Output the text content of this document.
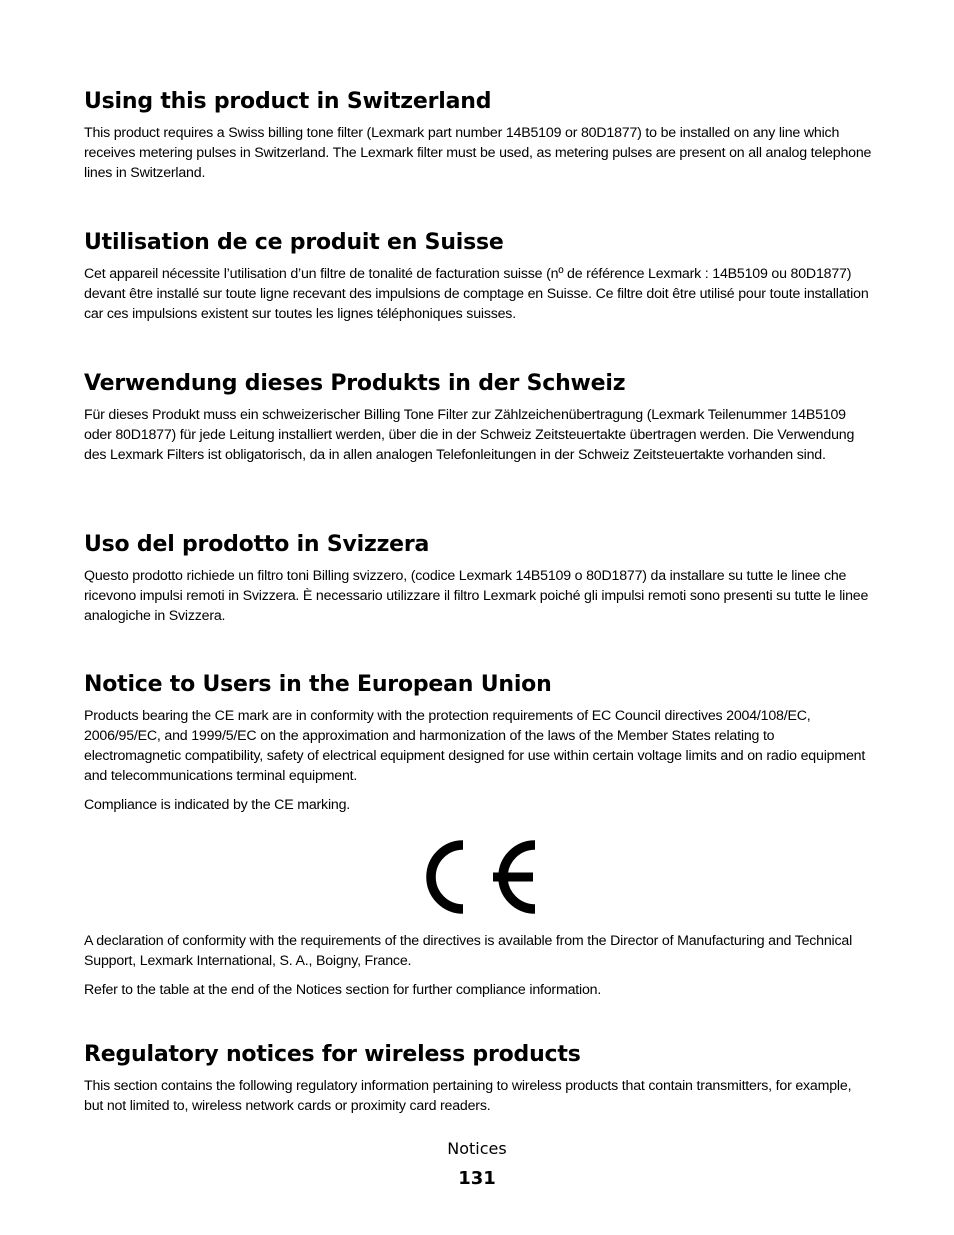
Using this product in Switzerland

This product requires a Swiss billing tone filter (Lexmark part number 14B5109 or 80D1877) to be installed on any line which receives metering pulses in Switzerland. The Lexmark filter must be used, as metering pulses are present on all analog telephone lines in Switzerland.

Utilisation de ce produit en Suisse

Cet appareil nécessite l’utilisation d’un filtre de tonalité de facturation suisse (nº de référence Lexmark : 14B5109 ou 80D1877) devant être installé sur toute ligne recevant des impulsions de comptage en Suisse. Ce filtre doit être utilisé pour toute installation car ces impulsions existent sur toutes les lignes téléphoniques suisses.

Verwendung dieses Produkts in der Schweiz

Für dieses Produkt muss ein schweizerischer Billing Tone Filter zur Zählzeichenübertragung (Lexmark Teilenummer 14B5109 oder 80D1877) für jede Leitung installiert werden, über die in der Schweiz Zeitsteuertakte übertragen werden. Die Verwendung des Lexmark Filters ist obligatorisch, da in allen analogen Telefonleitungen in der Schweiz Zeitsteuertakte vorhanden sind.

Uso del prodotto in Svizzera

Questo prodotto richiede un filtro toni Billing svizzero, (codice Lexmark 14B5109 o 80D1877) da installare su tutte le linee che ricevono impulsi remoti in Svizzera. È necessario utilizzare il filtro Lexmark poiché gli impulsi remoti sono presenti su tutte le linee analogiche in Svizzera.

Notice to Users in the European Union

Products bearing the CE mark are in conformity with the protection requirements of EC Council directives 2004/108/EC, 2006/95/EC, and 1999/5/EC on the approximation and harmonization of the laws of the Member States relating to electromagnetic compatibility, safety of electrical equipment designed for use within certain voltage limits and on radio equipment and telecommunications terminal equipment.

Compliance is indicated by the CE marking.

A declaration of conformity with the requirements of the directives is available from the Director of Manufacturing and Technical Support, Lexmark International, S. A., Boigny, France.

Refer to the table at the end of the Notices section for further compliance information.

Regulatory notices for wireless products

This section contains the following regulatory information pertaining to wireless products that contain transmitters, for example, but not limited to, wireless network cards or proximity card readers.

Notices
131
